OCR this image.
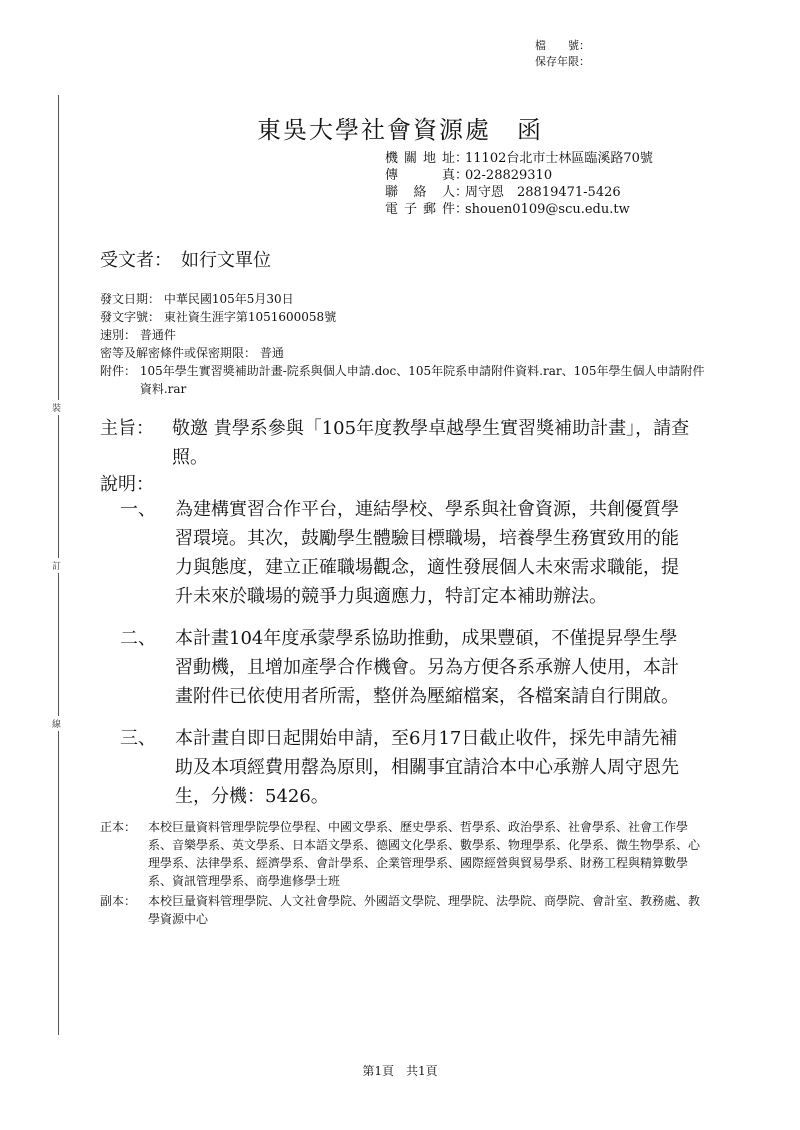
裝
訂
線
檔　　號：
保存年限：
東吳大學社會資源處　函
機關地址 ：
11102台北市士林區臨溪路70號
傳　　真 ：
02-28829310
聯 絡 人 ：
周守恩　28819471-5426
電子郵件 ：
shouen0109@scu.edu.tw
受文者：　如行文單位
發文日期：
中華民國105年5月30日
發文字號：
東社資生涯字第1051600058號
速別：
普通件
密等及解密條件或保密期限：
普通
附件：
105年學生實習獎補助計畫-院系與個人申請.doc、105年院系申請附件資料.rar、105年學生個人申請附件資料.rar
主旨：	敬邀 貴學系參與「105年度教學卓越學生實習獎補助計畫」，請查照。
說明：
一、	為建構實習合作平台，連結學校、學系與社會資源，共創優質學習環境。其次，鼓勵學生體驗目標職場，培養學生務實致用的能力與態度，建立正確職場觀念，適性發展個人未來需求職能，提升未來於職場的競爭力與適應力，特訂定本補助辦法。
二、	本計畫104年度承蒙學系協助推動，成果豐碩，不僅提昇學生學習動機，且增加產學合作機會。另為方便各系承辦人使用，本計畫附件已依使用者所需，整併為壓縮檔案，各檔案請自行開啟。
三、	本計畫自即日起開始申請，至6月17日截止收件，採先申請先補助及本項經費用罄為原則，相關事宜請洽本中心承辦人周守恩先生，分機：5426。
正本： 本校巨量資料管理學院學位學程、中國文學系、歷史學系、哲學系、政治學系、社會學系、社會工作學系、音樂學系、英文學系、日本語文學系、德國文化學系、數學系、物理學系、化學系、微生物學系、心理學系、法律學系、經濟學系、會計學系、企業管理學系、國際經營與貿易學系、財務工程與精算數學系、資訊管理學系、商學進修學士班
副本： 本校巨量資料管理學院、人文社會學院、外國語文學院、理學院、法學院、商學院、會計室、教務處、教學資源中心
第1頁　共1頁
